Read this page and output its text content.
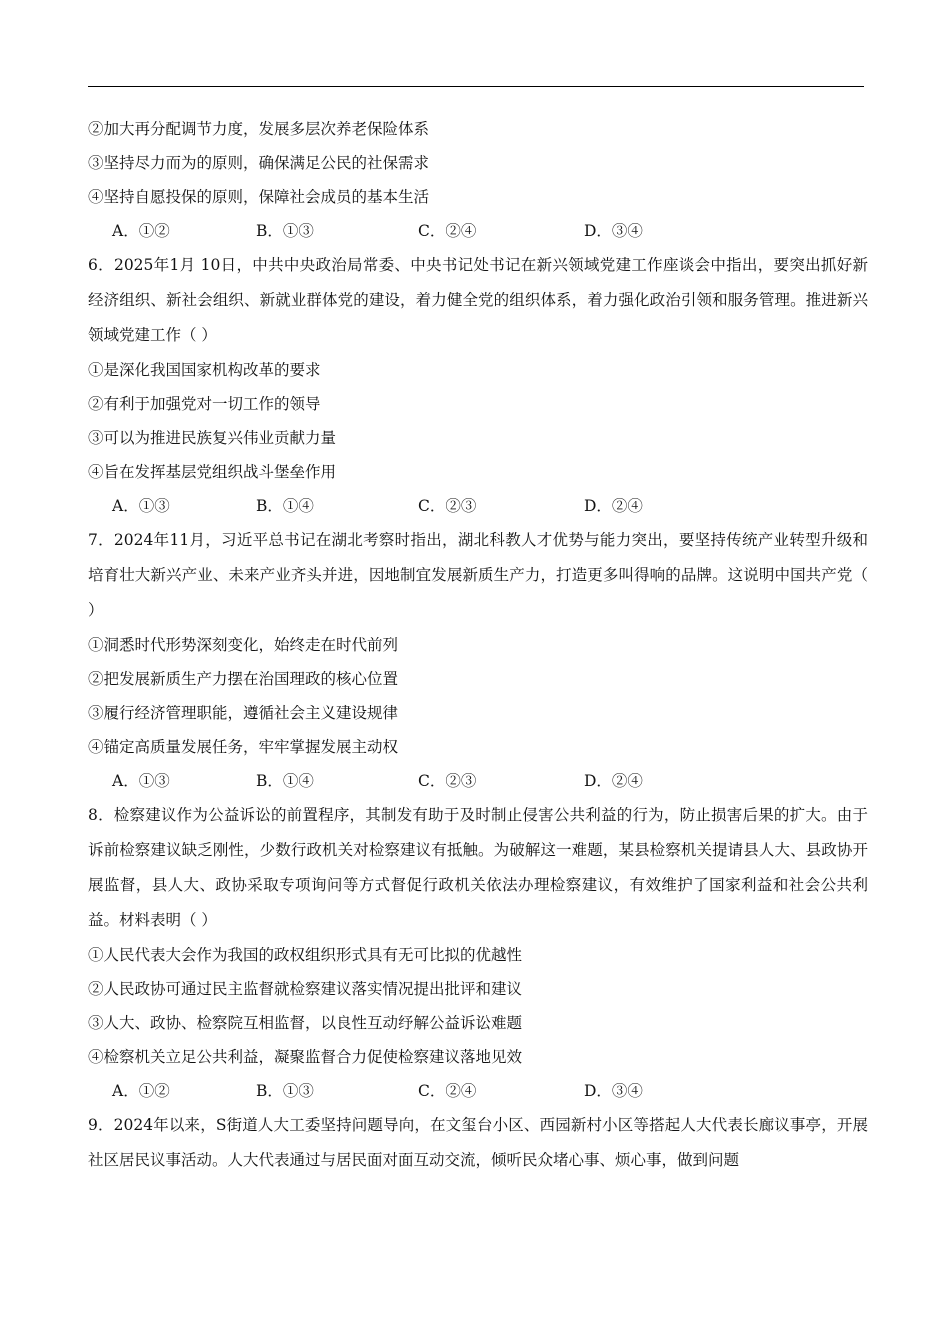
②加大再分配调节力度，发展多层次养老保险体系
③坚持尽力而为的原则，确保满足公民的社保需求
④坚持自愿投保的原则，保障社会成员的基本生活
A．①②	B．①③	C．②④	D．③④
6．2025年1月 10日，中共中央政治局常委、中央书记处书记在新兴领域党建工作座谈会中指出，要突出抓好新经济组织、新社会组织、新就业群体党的建设，着力健全党的组织体系，着力强化政治引领和服务管理。推进新兴领域党建工作（ ）
①是深化我国国家机构改革的要求
②有利于加强党对一切工作的领导
③可以为推进民族复兴伟业贡献力量
④旨在发挥基层党组织战斗堡垒作用
A．①③	B．①④	C．②③	D．②④
7．2024年11月，习近平总书记在湖北考察时指出，湖北科教人才优势与能力突出，要坚持传统产业转型升级和培育壮大新兴产业、未来产业齐头并进，因地制宜发展新质生产力，打造更多叫得响的品牌。这说明中国共产党（ ）
①洞悉时代形势深刻变化，始终走在时代前列
②把发展新质生产力摆在治国理政的核心位置
③履行经济管理职能，遵循社会主义建设规律
④锚定高质量发展任务，牢牢掌握发展主动权
A．①③	B．①④	C．②③	D．②④
8．检察建议作为公益诉讼的前置程序，其制发有助于及时制止侵害公共利益的行为，防止损害后果的扩大。由于诉前检察建议缺乏刚性，少数行政机关对检察建议有抵触。为破解这一难题，某县检察机关提请县人大、县政协开展监督，县人大、政协采取专项询问等方式督促行政机关依法办理检察建议，有效维护了国家利益和社会公共利益。材料表明（ ）
①人民代表大会作为我国的政权组织形式具有无可比拟的优越性
②人民政协可通过民主监督就检察建议落实情况提出批评和建议
③人大、政协、检察院互相监督，以良性互动纾解公益诉讼难题
④检察机关立足公共利益，凝聚监督合力促使检察建议落地见效
A．①②	B．①③	C．②④	D．③④
9．2024年以来，S街道人大工委坚持问题导向，在文玺台小区、西园新村小区等搭起人大代表长廊议事亭，开展社区居民议事活动。人大代表通过与居民面对面互动交流，倾听民众堵心事、烦心事，做到问题
